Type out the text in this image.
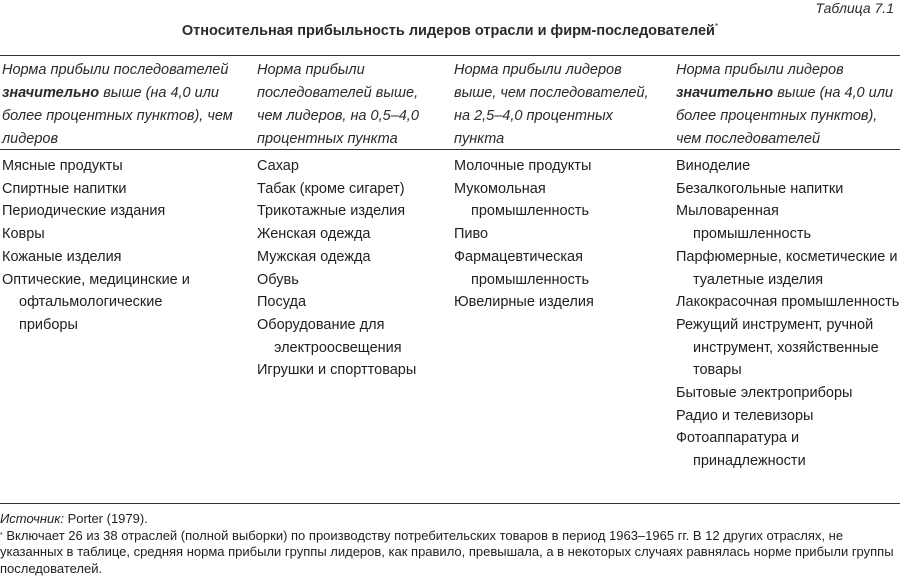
Таблица 7.1
Относительная прибыльность лидеров отрасли и фирм-последователей*
Норма прибыли последователей значительно выше (на 4,0 или более процентных пунктов), чем лидеров
Норма прибыли последователей выше, чем лидеров, на 0,5–4,0 процентных пункта
Норма прибыли лидеров выше, чем последователей, на 2,5–4,0 процентных пункта
Норма прибыли лидеров значительно выше (на 4,0 или более процентных пунктов), чем последователей
Мясные продукты
Спиртные напитки
Периодические издания
Ковры
Кожаные изделия
Оптические, медицинские и офтальмологические приборы
Сахар
Табак (кроме сигарет)
Трикотажные изделия
Женская одежда
Мужская одежда
Обувь
Посуда
Оборудование для электроосвещения
Игрушки и спорттовары
Молочные продукты
Мукомольная промышленность
Пиво
Фармацевтическая промышленность
Ювелирные изделия
Виноделие
Безалкогольные напитки
Мыловаренная промышленность
Парфюмерные, косметические и туалетные изделия
Лакокрасочная промышленность
Режущий инструмент, ручной инструмент, хозяйственные товары
Бытовые электроприборы
Радио и телевизоры
Фотоаппаратура и принадлежности
Источник: Porter (1979).
* Включает 26 из 38 отраслей (полной выборки) по производству потребительских товаров в период 1963–1965 гг. В 12 других отраслях, не указанных в таблице, средняя норма прибыли группы лидеров, как правило, превышала, а в некоторых случаях равнялась норме прибыли группы последователей.
